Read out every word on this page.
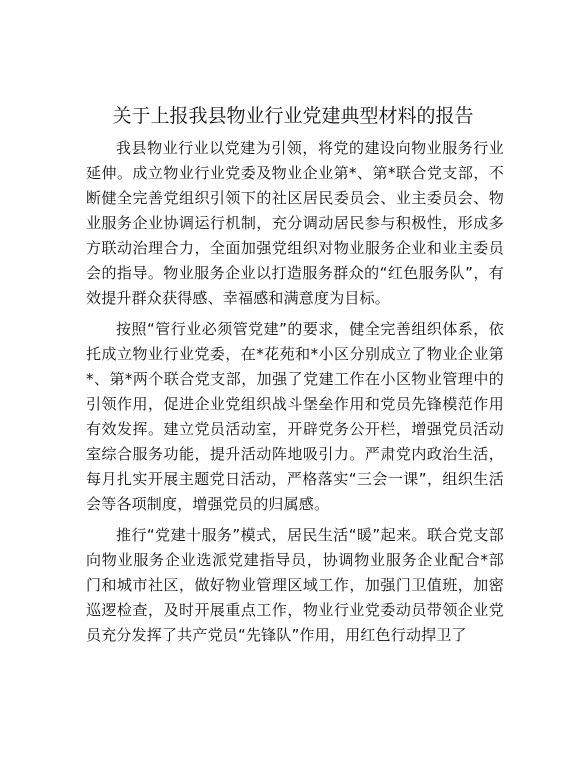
关于上报我县物业行业党建典型材料的报告

我县物业行业以党建为引领，将党的建设向物业服务行业延伸。成立物业行业党委及物业企业第*、第*联合党支部，不断健全完善党组织引领下的社区居民委员会、业主委员会、物业服务企业协调运行机制，充分调动居民参与积极性，形成多方联动治理合力，全面加强党组织对物业服务企业和业主委员会的指导。物业服务企业以打造服务群众的“红色服务队”，有效提升群众获得感、幸福感和满意度为目标。

按照“管行业必须管党建”的要求，健全完善组织体系，依托成立物业行业党委，在*花苑和*小区分别成立了物业企业第*、第*两个联合党支部，加强了党建工作在小区物业管理中的引领作用，促进企业党组织战斗堡垒作用和党员先锋模范作用有效发挥。建立党员活动室，开辟党务公开栏，增强党员活动室综合服务功能，提升活动阵地吸引力。严肃党内政治生活，每月扎实开展主题党日活动，严格落实“三会一课”，组织生活会等各项制度，增强党员的归属感。

推行“党建十服务”模式，居民生活“暖”起来。联合党支部向物业服务企业选派党建指导员，协调物业服务企业配合*部门和城市社区，做好物业管理区域工作，加强门卫值班，加密巡逻检查，及时开展重点工作，物业行业党委动员带领企业党员充分发挥了共产党员“先锋队”作用，用红色行动捍卫了
